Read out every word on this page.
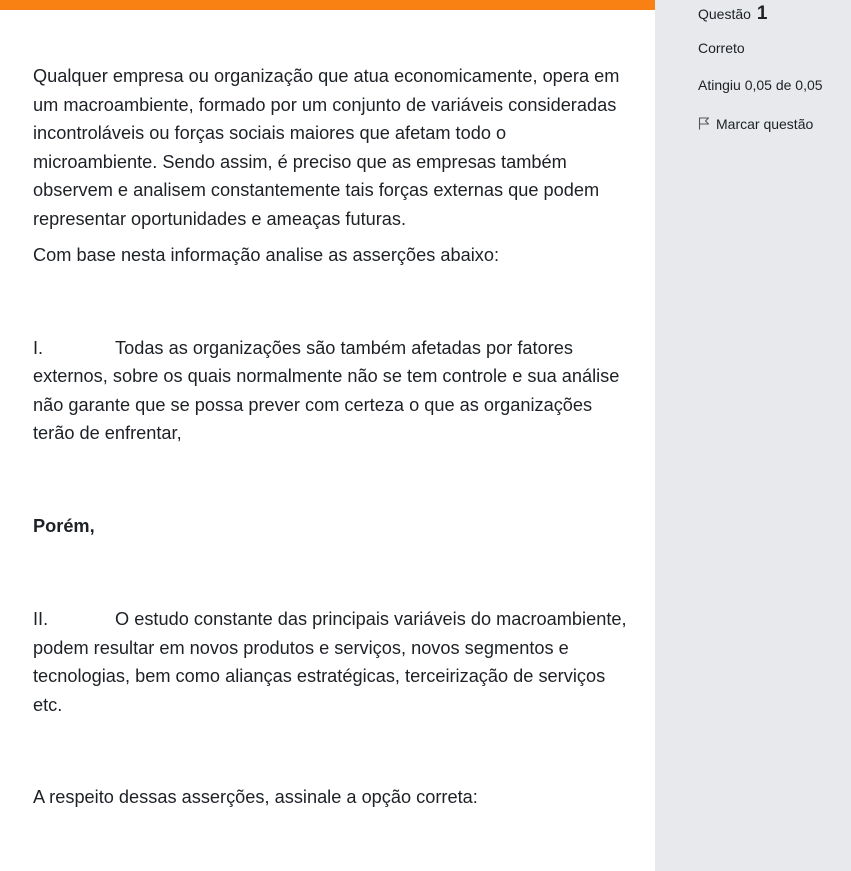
Qualquer empresa ou organização que atua economicamente, opera em um macroambiente, formado por um conjunto de variáveis consideradas incontroláveis ou forças sociais maiores que afetam todo o microambiente. Sendo assim, é preciso que as empresas também observem e analisem constantemente tais forças externas que podem representar oportunidades e ameaças futuras.

Com base nesta informação analise as asserções abaixo:

I.	Todas as organizações são também afetadas por fatores externos, sobre os quais normalmente não se tem controle e sua análise não garante que se possa prever com certeza o que as organizações terão de enfrentar,

Porém,

II.	O estudo constante das principais variáveis do macroambiente, podem resultar em novos produtos e serviços, novos segmentos e tecnologias, bem como alianças estratégicas, terceirização de serviços etc.

A respeito dessas asserções, assinale a opção correta:

Questão 1
Correto
Atingiu 0,05 de 0,05
Marcar questão
